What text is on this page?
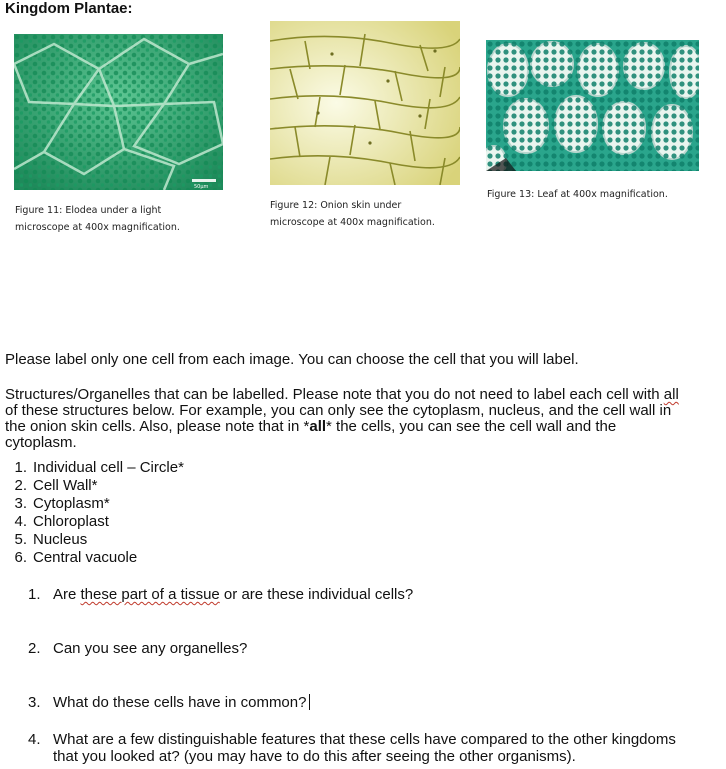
Kingdom Plantae:
50μm
Figure 11: Elodea under a light
microscope at 400x magnification.
Figure 12: Onion skin under
microscope at 400x magnification.
Figure 13: Leaf at 400x magnification.

Please label only one cell from each image. You can choose the cell that you will label.

Structures/Organelles that can be labelled. Please note that you do not need to label each cell with all
of these structures below. For example, you can only see the cytoplasm, nucleus, and the cell wall in
the onion skin cells. Also, please note that in *all* the cells, you can see the cell wall and the
cytoplasm.
1. Individual cell – Circle*
2. Cell Wall*
3. Cytoplasm*
4. Chloroplast
5. Nucleus
6. Central vacuole
1. Are these part of a tissue or are these individual cells?
2. Can you see any organelles?
3. What do these cells have in common?
4. What are a few distinguishable features that these cells have compared to the other kingdoms
that you looked at? (you may have to do this after seeing the other organisms).
